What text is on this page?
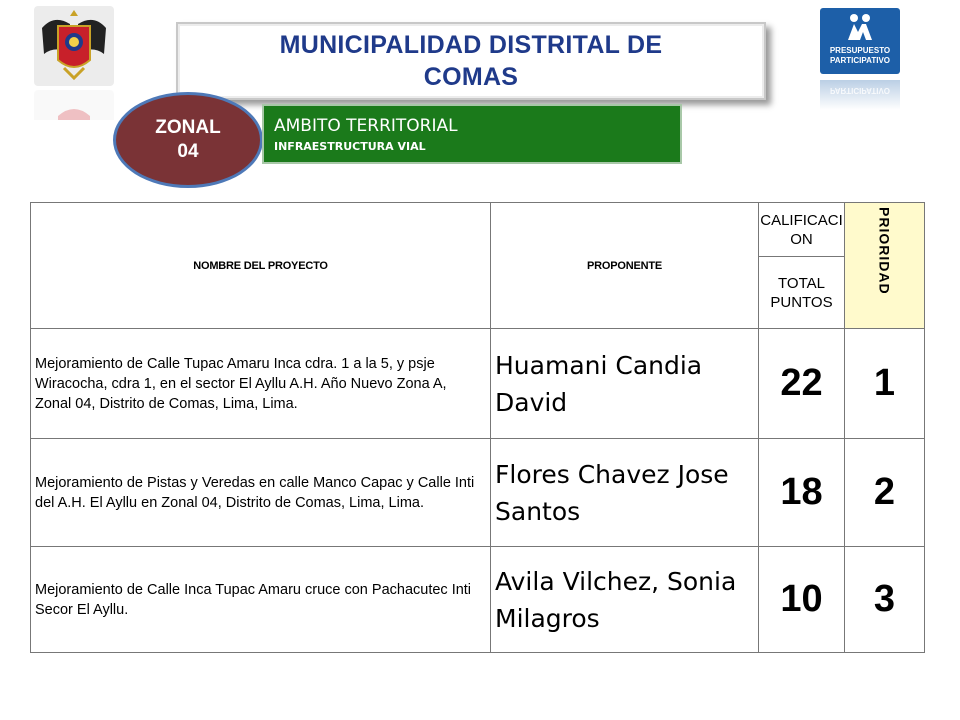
MUNICIPALIDAD DISTRITAL DE COMAS
PRESUPUESTO
PARTICIPATIVO
PARTICIPATIVO
ZONAL
04
AMBITO TERRITORIAL
INFRAESTRUCTURA VIAL
NOMBRE DEL PROYECTO	PROPONENTE	CALIFICACI ON	PRIORIDAD
		TOTAL PUNTOS	
Mejoramiento de Calle Tupac Amaru Inca cdra. 1 a la 5, y psje Wiracocha, cdra 1, en el sector El Ayllu A.H. Año Nuevo Zona A, Zonal 04, Distrito de Comas, Lima, Lima.	Huamani Candia David	22	1
Mejoramiento de Pistas y Veredas en calle Manco Capac y Calle Inti del A.H. El Ayllu en Zonal 04, Distrito de Comas, Lima, Lima.	Flores Chavez Jose Santos	18	2
Mejoramiento de Calle Inca Tupac Amaru cruce con Pachacutec Inti Secor El Ayllu.	Avila Vilchez, Sonia Milagros	10	3
